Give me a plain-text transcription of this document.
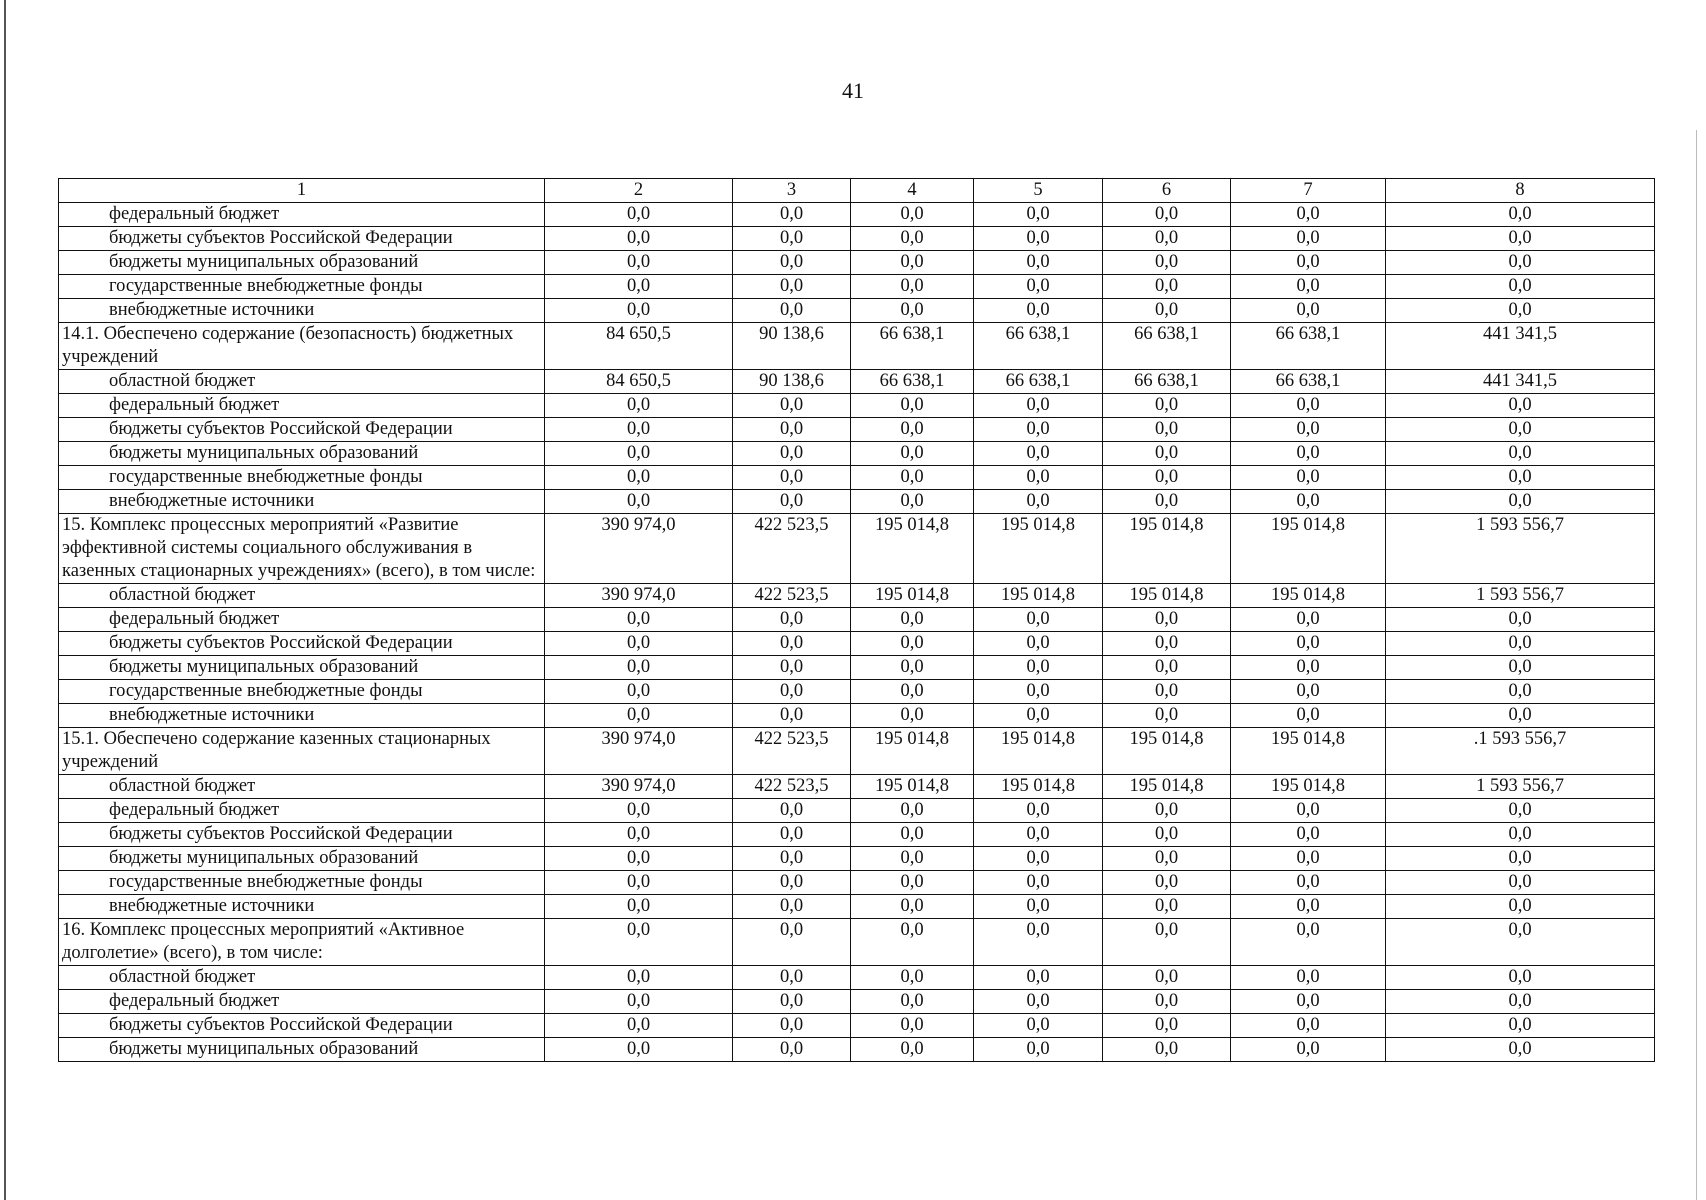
41
1	2	3	4	5	6	7	8
федеральный бюджет	0,0	0,0	0,0	0,0	0,0	0,0	0,0
бюджеты субъектов Российской Федерации	0,0	0,0	0,0	0,0	0,0	0,0	0,0
бюджеты муниципальных образований	0,0	0,0	0,0	0,0	0,0	0,0	0,0
государственные внебюджетные фонды	0,0	0,0	0,0	0,0	0,0	0,0	0,0
внебюджетные источники	0,0	0,0	0,0	0,0	0,0	0,0	0,0
14.1. Обеспечено содержание (безопасность) бюджетных учреждений	84 650,5	90 138,6	66 638,1	66 638,1	66 638,1	66 638,1	441 341,5
областной бюджет	84 650,5	90 138,6	66 638,1	66 638,1	66 638,1	66 638,1	441 341,5
федеральный бюджет	0,0	0,0	0,0	0,0	0,0	0,0	0,0
бюджеты субъектов Российской Федерации	0,0	0,0	0,0	0,0	0,0	0,0	0,0
бюджеты муниципальных образований	0,0	0,0	0,0	0,0	0,0	0,0	0,0
государственные внебюджетные фонды	0,0	0,0	0,0	0,0	0,0	0,0	0,0
внебюджетные источники	0,0	0,0	0,0	0,0	0,0	0,0	0,0
15. Комплекс процессных мероприятий «Развитие эффективной системы социального обслуживания в казенных стационарных учреждениях» (всего), в том числе:	390 974,0	422 523,5	195 014,8	195 014,8	195 014,8	195 014,8	1 593 556,7
областной бюджет	390 974,0	422 523,5	195 014,8	195 014,8	195 014,8	195 014,8	1 593 556,7
федеральный бюджет	0,0	0,0	0,0	0,0	0,0	0,0	0,0
бюджеты субъектов Российской Федерации	0,0	0,0	0,0	0,0	0,0	0,0	0,0
бюджеты муниципальных образований	0,0	0,0	0,0	0,0	0,0	0,0	0,0
государственные внебюджетные фонды	0,0	0,0	0,0	0,0	0,0	0,0	0,0
внебюджетные источники	0,0	0,0	0,0	0,0	0,0	0,0	0,0
15.1. Обеспечено содержание казенных стационарных учреждений	390 974,0	422 523,5	195 014,8	195 014,8	195 014,8	195 014,8	.1 593 556,7
областной бюджет	390 974,0	422 523,5	195 014,8	195 014,8	195 014,8	195 014,8	1 593 556,7
федеральный бюджет	0,0	0,0	0,0	0,0	0,0	0,0	0,0
бюджеты субъектов Российской Федерации	0,0	0,0	0,0	0,0	0,0	0,0	0,0
бюджеты муниципальных образований	0,0	0,0	0,0	0,0	0,0	0,0	0,0
государственные внебюджетные фонды	0,0	0,0	0,0	0,0	0,0	0,0	0,0
внебюджетные источники	0,0	0,0	0,0	0,0	0,0	0,0	0,0
16. Комплекс процессных мероприятий «Активное долголетие» (всего), в том числе:	0,0	0,0	0,0	0,0	0,0	0,0	0,0
областной бюджет	0,0	0,0	0,0	0,0	0,0	0,0	0,0
федеральный бюджет	0,0	0,0	0,0	0,0	0,0	0,0	0,0
бюджеты субъектов Российской Федерации	0,0	0,0	0,0	0,0	0,0	0,0	0,0
бюджеты муниципальных образований	0,0	0,0	0,0	0,0	0,0	0,0	0,0
